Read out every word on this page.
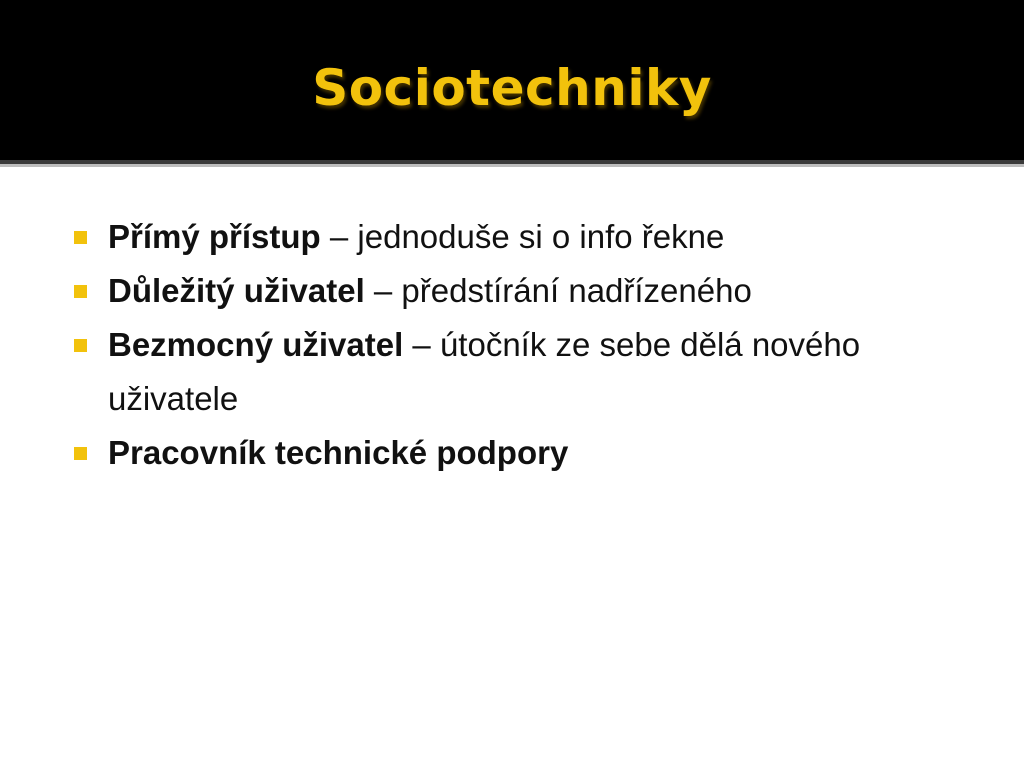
Sociotechniky
Přímý přístup – jednoduše si o info řekne
Důležitý uživatel – předstírání nadřízeného
Bezmocný uživatel – útočník ze sebe dělá nového uživatele
Pracovník technické podpory
